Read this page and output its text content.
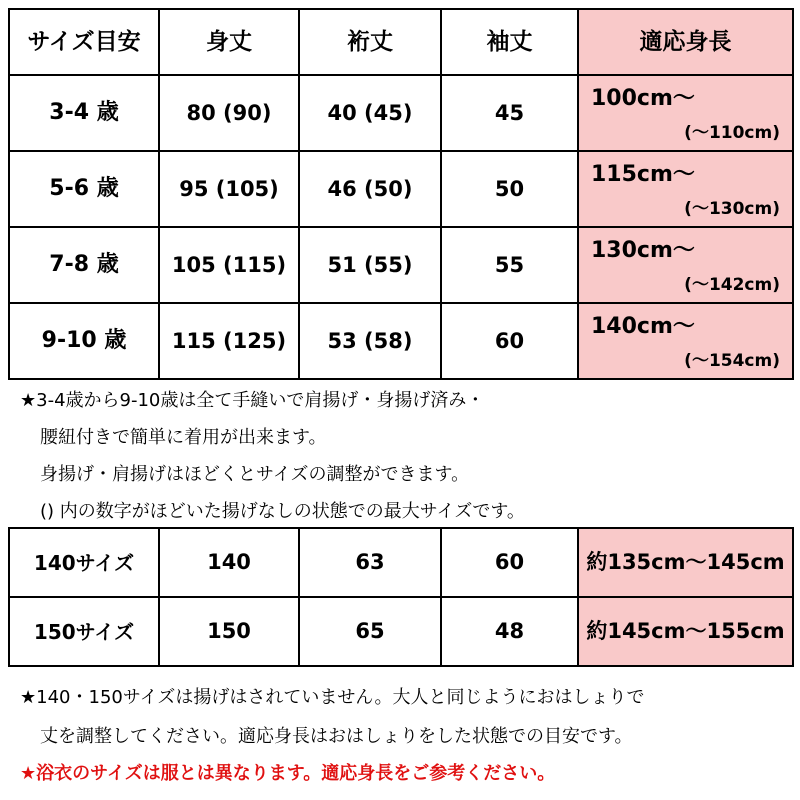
サイズ目安	身丈	裄丈	袖丈	適応身長
3-4 歳	80 (90)	40 (45)	45	100cm〜
(〜110cm)

5-6 歳	95 (105)	46 (50)	50	115cm〜
(〜130cm)

7-8 歳	105 (115)	51 (55)	55	130cm〜
(〜142cm)

9-10 歳	115 (125)	53 (58)	60	140cm〜
(〜154cm)
★3-4歳から9-10歳は全て手縫いで肩揚げ・身揚げ済み・
腰紐付きで簡単に着用が出来ます。
身揚げ・肩揚げはほどくとサイズの調整ができます。
() 内の数字がほどいた揚げなしの状態での最大サイズです。
140サイズ	140	63	60	約135cm〜145cm
150サイズ	150	65	48	約145cm〜155cm
★140・150サイズは揚げはされていません。大人と同じようにおはしょりで
丈を調整してください。適応身長はおはしょりをした状態での目安です。
★浴衣のサイズは服とは異なります。適応身長をご参考ください。
